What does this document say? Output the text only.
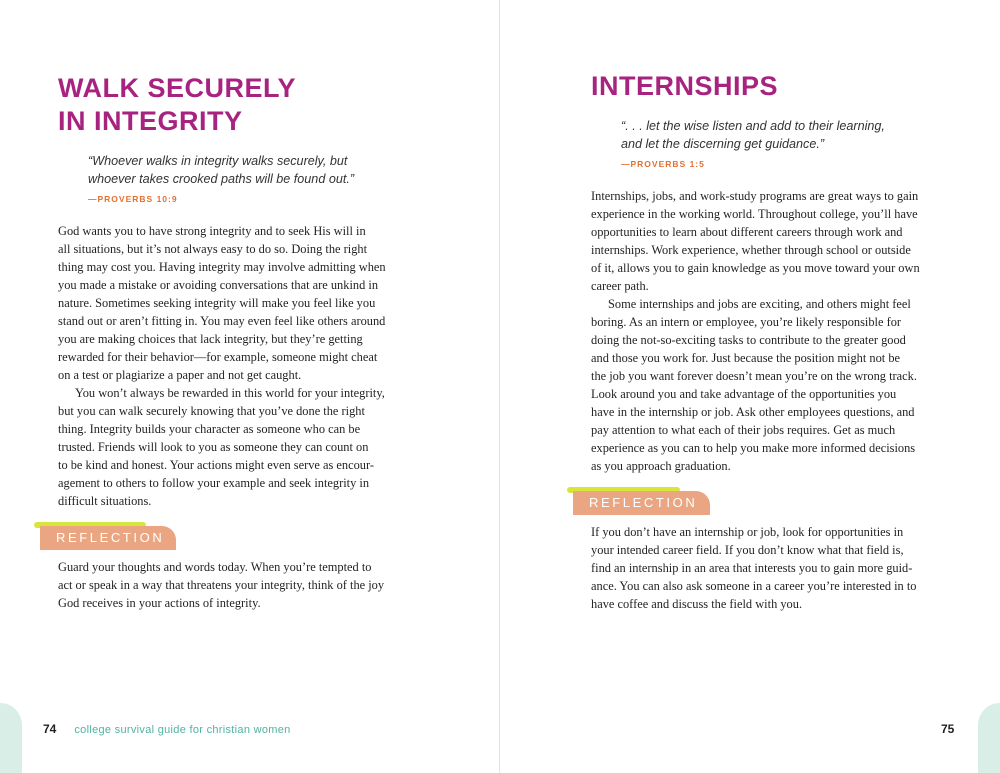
WALK SECURELY
IN INTEGRITY
“Whoever walks in integrity walks securely, but
whoever takes crooked paths will be found out.”
—PROVERBS 10:9
God wants you to have strong integrity and to seek His will in
all situations, but it’s not always easy to do so. Doing the right
thing may cost you. Having integrity may involve admitting when
you made a mistake or avoiding conversations that are unkind in
nature. Sometimes seeking integrity will make you feel like you
stand out or aren’t fitting in. You may even feel like others around
you are making choices that lack integrity, but they’re getting
rewarded for their behavior—for example, someone might cheat
on a test or plagiarize a paper and not get caught.
You won’t always be rewarded in this world for your integrity,
but you can walk securely knowing that you’ve done the right
thing. Integrity builds your character as someone who can be
trusted. Friends will look to you as someone they can count on
to be kind and honest. Your actions might even serve as encour-
agement to others to follow your example and seek integrity in
difficult situations.
REFLECTION
Guard your thoughts and words today. When you’re tempted to
act or speak in a way that threatens your integrity, think of the joy
God receives in your actions of integrity.
74 college survival guide for christian women
INTERNSHIPS
“. . . let the wise listen and add to their learning,
and let the discerning get guidance.”
—PROVERBS 1:5
Internships, jobs, and work-study programs are great ways to gain
experience in the working world. Throughout college, you’ll have
opportunities to learn about different careers through work and
internships. Work experience, whether through school or outside
of it, allows you to gain knowledge as you move toward your own
career path.
Some internships and jobs are exciting, and others might feel
boring. As an intern or employee, you’re likely responsible for
doing the not-so-exciting tasks to contribute to the greater good
and those you work for. Just because the position might not be
the job you want forever doesn’t mean you’re on the wrong track.
Look around you and take advantage of the opportunities you
have in the internship or job. Ask other employees questions, and
pay attention to what each of their jobs requires. Get as much
experience as you can to help you make more informed decisions
as you approach graduation.
REFLECTION
If you don’t have an internship or job, look for opportunities in
your intended career field. If you don’t know what that field is,
find an internship in an area that interests you to gain more guid-
ance. You can also ask someone in a career you’re interested in to
have coffee and discuss the field with you.
75
